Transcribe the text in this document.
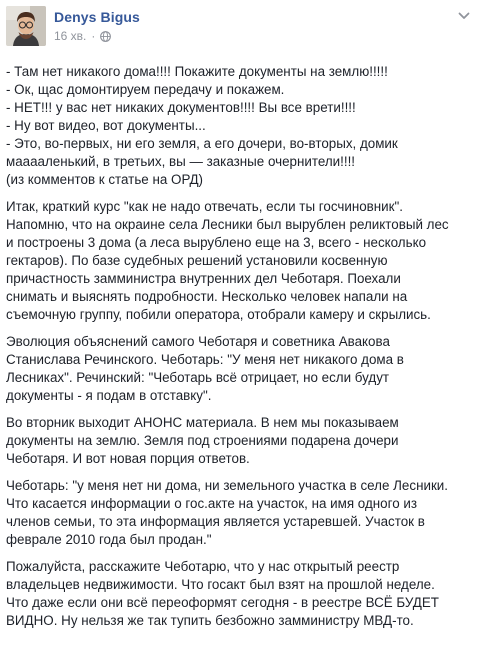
Denys Bigus
16 хв. ·
- Там нет никакого дома!!!! Покажите документы на землю!!!!!
- Ок, щас домонтируем передачу и покажем.
- НЕТ!!! у вас нет никаких документов!!!! Вы все врети!!!!
- Ну вот видео, вот документы...
- Это, во-первых, ни его земля, а его дочери, во-вторых, домик
мааааленький, в третьих, вы — заказные очернители!!!!
(из комментов к статье на ОРД)
Итак, краткий курс "как не надо отвечать, если ты госчиновник".
Напомню, что на окраине села Лесники был вырублен реликтовый лес
и построены 3 дома (а леса вырублено еще на 3, всего - несколько
гектаров). По базе судебных решений установили косвенную
причастность замминистра внутренних дел Чеботаря. Поехали
снимать и выяснять подробности. Несколько человек напали на
съемочную группу, побили оператора, отобрали камеру и скрылись.
Эволюция объяснений самого Чеботаря и советника Авакова
Станислава Речинского. Чеботарь: "У меня нет никакого дома в
Лесниках". Речинский: "Чеботарь всё отрицает, но если будут
документы - я подам в отставку".
Во вторник выходит АНОНС материала. В нем мы показываем
документы на землю. Земля под строениями подарена дочери
Чеботаря. И вот новая порция ответов.
Чеботарь: "у меня нет ни дома, ни земельного участка в селе Лесники.
Что касается информации о гос.акте на участок, на имя одного из
членов семьи, то эта информация является устаревшей. Участок в
феврале 2010 года был продан."
Пожалуйста, расскажите Чеботарю, что у нас открытый реестр
владельцев недвижимости. Что госакт был взят на прошлой неделе.
Что даже если они всё переоформят сегодня - в реестре ВСЁ БУДЕТ
ВИДНО. Ну нельзя же так тупить безбожно замминистру МВД-то.
